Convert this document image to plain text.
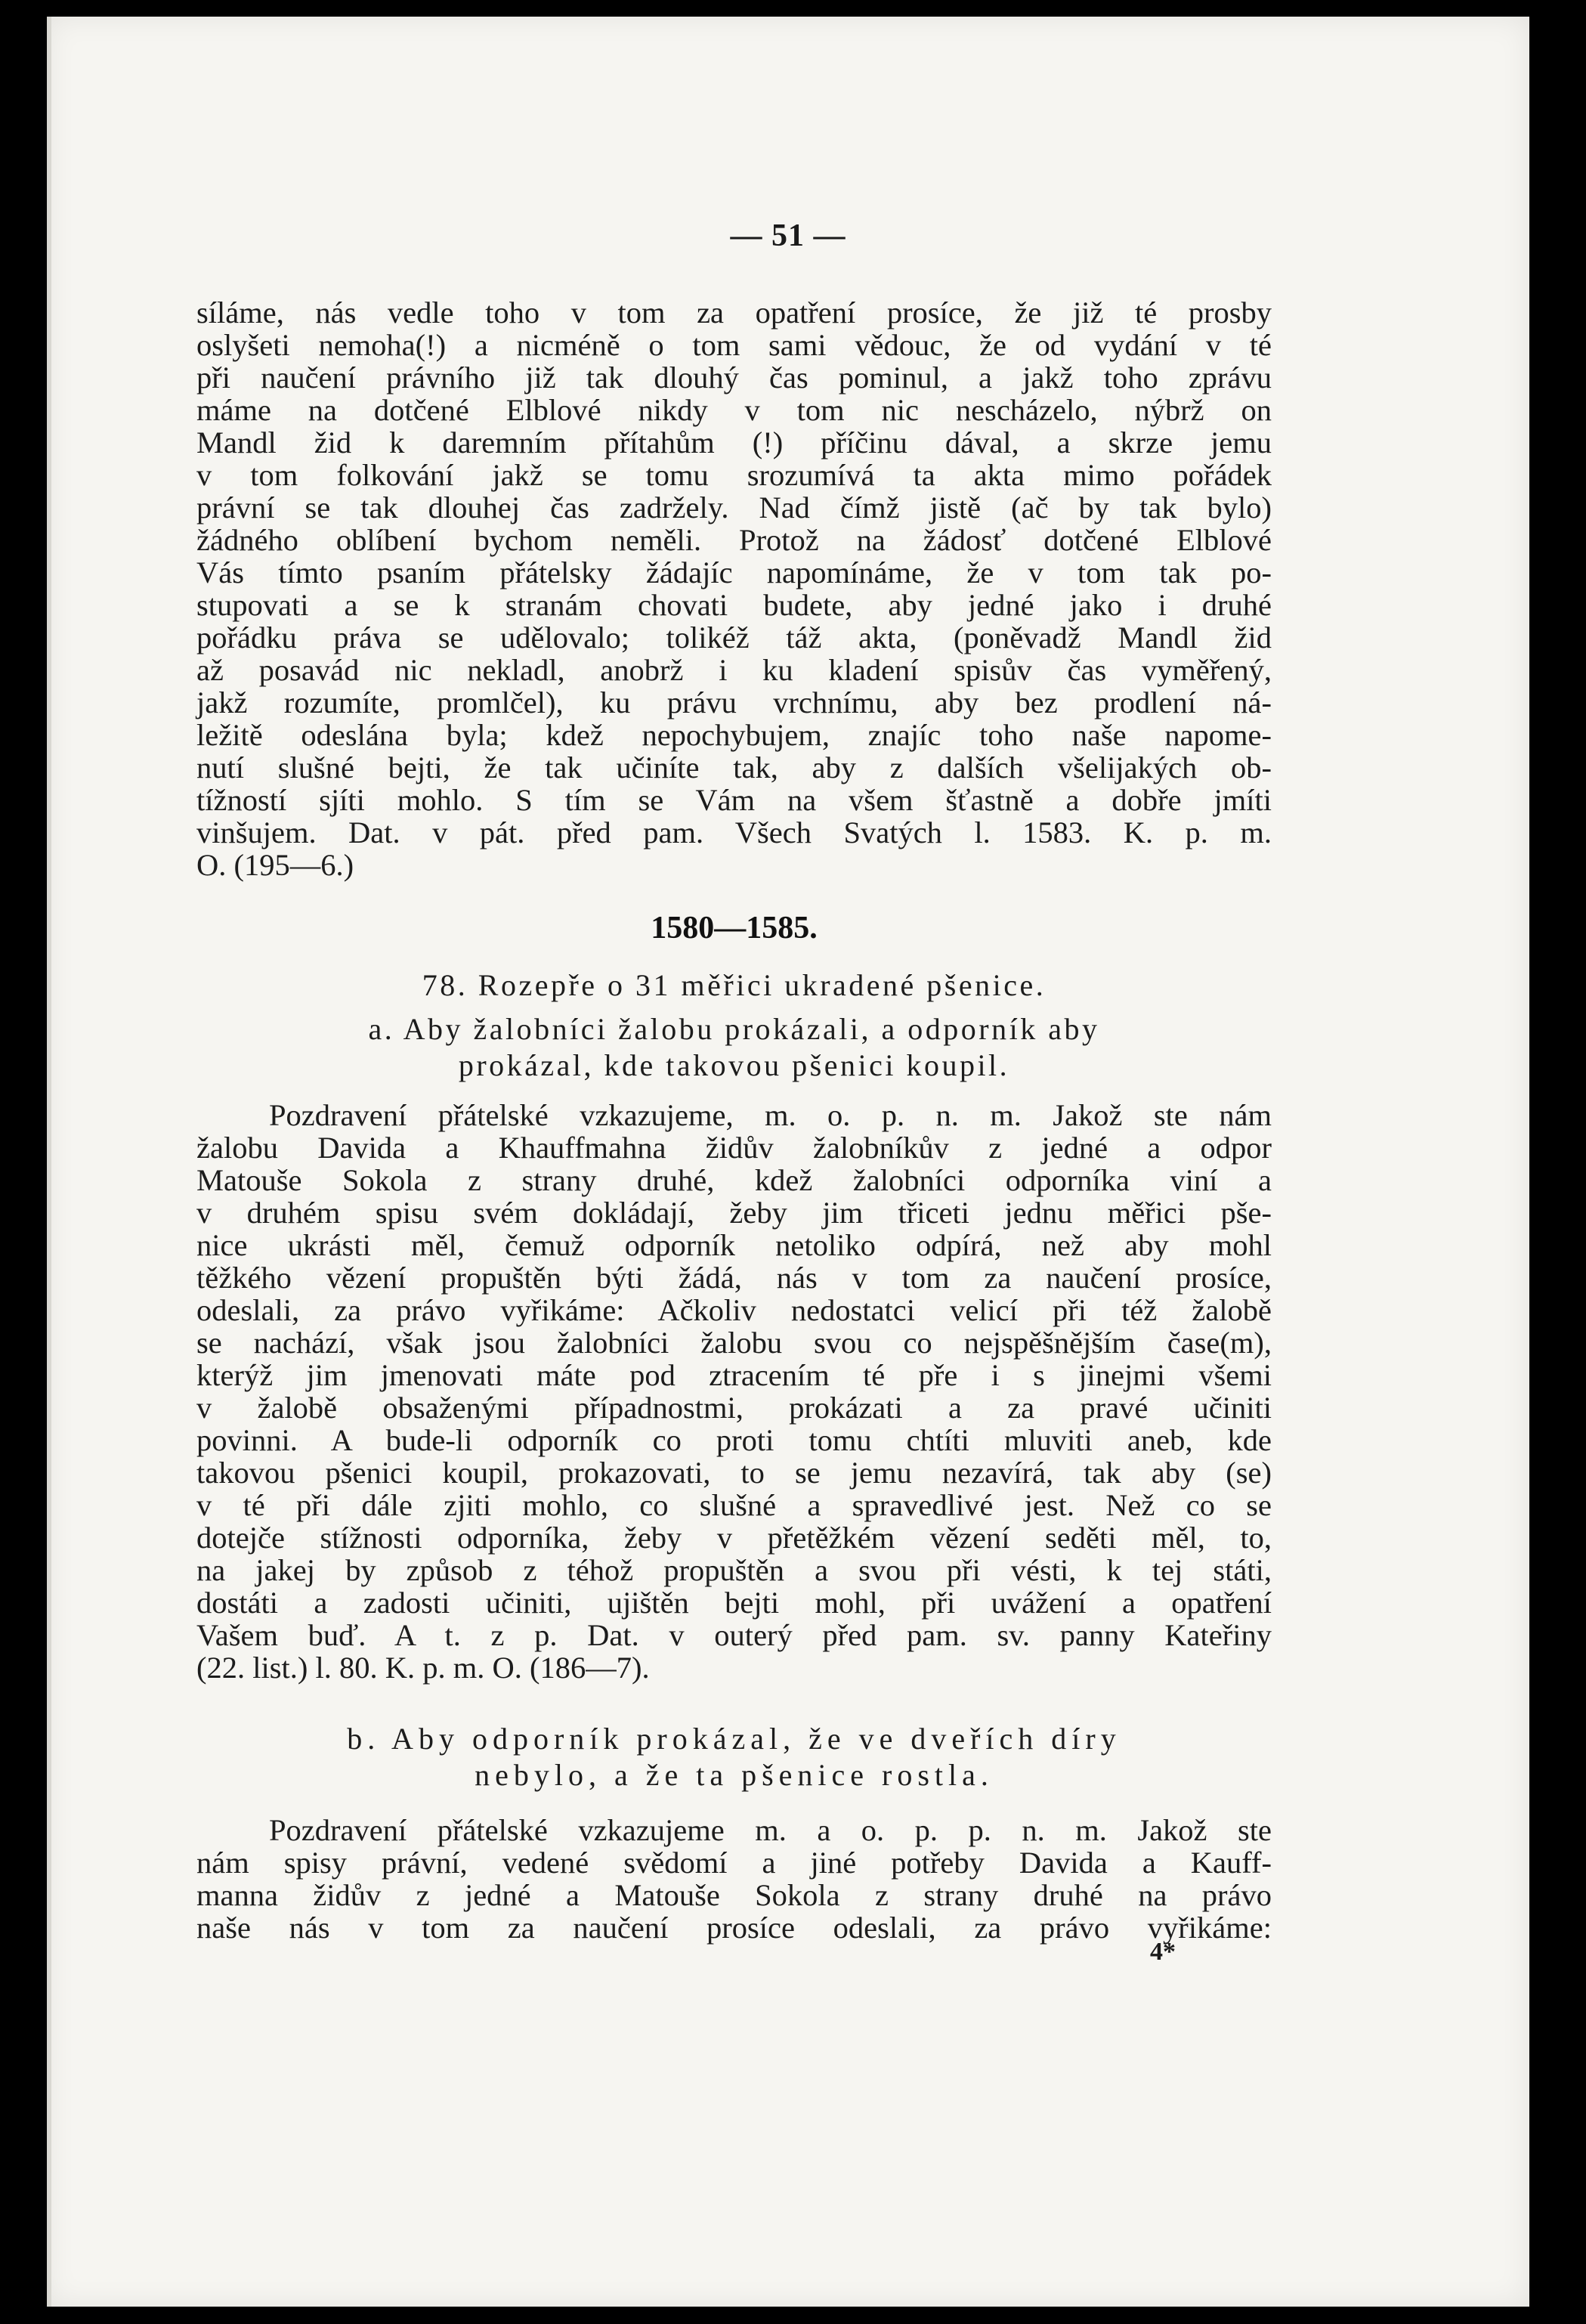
— 51 —
síláme, nás vedle toho v tom za opatření prosíce, že již té prosby
oslyšeti nemoha(!) a nicméně o tom sami vědouc, že od vydání v té
při naučení právního již tak dlouhý čas pominul, a jakž toho zprávu
máme na dotčené Elblové nikdy v tom nic nescházelo, nýbrž on
Mandl žid k daremním přítahům (!) příčinu dával, a skrze jemu
v tom folkování jakž se tomu srozumívá ta akta mimo pořádek
právní se tak dlouhej čas zadržely. Nad čímž jistě (ač by tak bylo)
žádného oblíbení bychom neměli. Protož na žádosť dotčené Elblové
Vás tímto psaním přátelsky žádajíc napomínáme, že v tom tak po-
stupovati a se k stranám chovati budete, aby jedné jako i druhé
pořádku práva se udělovalo; tolikéž táž akta, (poněvadž Mandl žid
až posavád nic nekladl, anobrž i ku kladení spisův čas vyměřený,
jakž rozumíte, promlčel), ku právu vrchnímu, aby bez prodlení ná-
ležitě odeslána byla; kdež nepochybujem, znajíc toho naše napome-
nutí slušné bejti, že tak učiníte tak, aby z dalších všelijakých ob-
tížností sjíti mohlo. S tím se Vám na všem šťastně a dobře jmíti
vinšujem. Dat. v pát. před pam. Všech Svatých l. 1583. K. p. m.
O. (195—6.)
1580—1585.
78. Rozepře o 31 měřici ukradené pšenice.
a. Aby žalobníci žalobu prokázali, a odporník aby
prokázal, kde takovou pšenici koupil.
Pozdravení přátelské vzkazujeme, m. o. p. n. m. Jakož ste nám
žalobu Davida a Khauffmahna židův žalobníkův z jedné a odpor
Matouše Sokola z strany druhé, kdež žalobníci odporníka viní a
v druhém spisu svém dokládají, žeby jim třiceti jednu měřici pše-
nice ukrásti měl, čemuž odporník netoliko odpírá, než aby mohl
těžkého vězení propuštěn býti žádá, nás v tom za naučení prosíce,
odeslali, za právo vyřikáme: Ačkoliv nedostatci velicí při též žalobě
se nachází, však jsou žalobníci žalobu svou co nejspěšnějším čase(m),
kterýž jim jmenovati máte pod ztracením té pře i s jinejmi všemi
v žalobě obsaženými případnostmi, prokázati a za pravé učiniti
povinni. A bude-li odporník co proti tomu chtíti mluviti aneb, kde
takovou pšenici koupil, prokazovati, to se jemu nezavírá, tak aby (se)
v té při dále zjiti mohlo, co slušné a spravedlivé jest. Než co se
dotejče stížnosti odporníka, žeby v přetěžkém vězení seděti měl, to,
na jakej by způsob z téhož propuštěn a svou při vésti, k tej státi,
dostáti a zadosti učiniti, ujištěn bejti mohl, při uvážení a opatření
Vašem buď. A t. z p. Dat. v outerý před pam. sv. panny Kateřiny
(22. list.) l. 80. K. p. m. O. (186—7).
b. Aby odporník prokázal, že ve dveřích díry
nebylo, a že ta pšenice rostla.
Pozdravení přátelské vzkazujeme m. a o. p. p. n. m. Jakož ste
nám spisy právní, vedené svědomí a jiné potřeby Davida a Kauff-
manna židův z jedné a Matouše Sokola z strany druhé na právo
naše nás v tom za naučení prosíce odeslali, za právo vyřikáme:
4*
